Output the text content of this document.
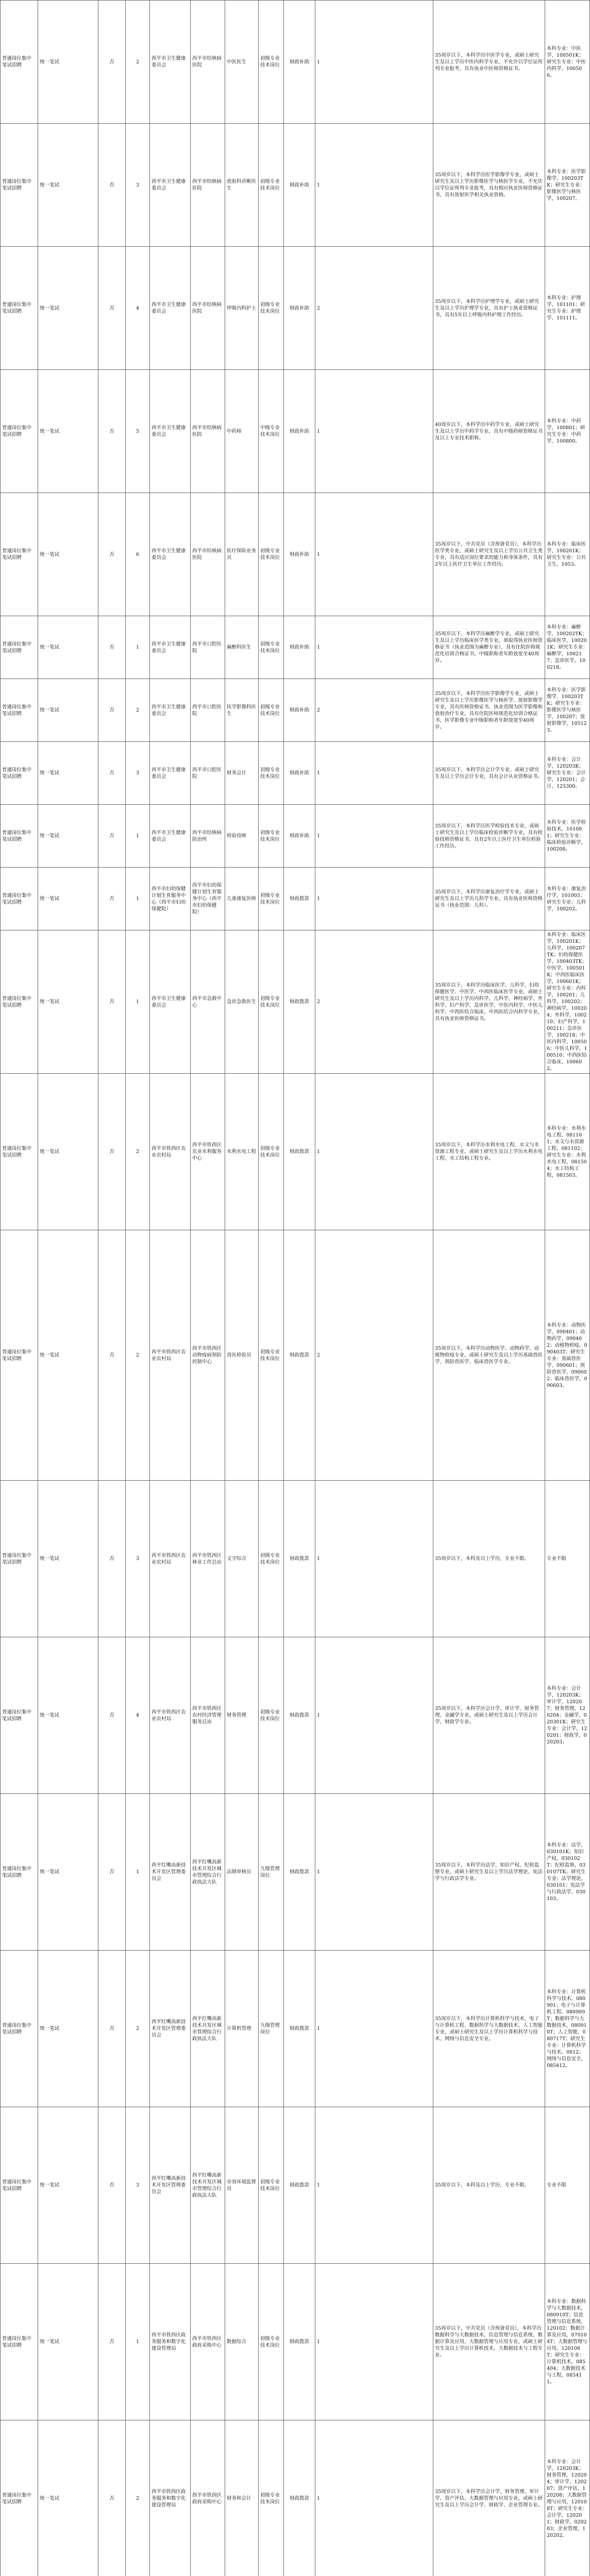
普通岗位集中笔试招聘	统一笔试	否	2	西平市卫生健康委员会	西平市结核病医院	中医医生	初级专业技术岗位	财政补助	1	35周岁以下，本科学历中医学专业，或硕士研究生及以上学历中医内科学专业，不允许以学位证所列专业报考，具有执业中医师资格证书。	本科专业：中医学，100501K；研究生专业：中医内科学，100506。	
普通岗位集中笔试招聘	统一笔试	否	3	西平市卫生健康委员会	西平市结核病医院	放射科诊断医生	初级专业技术岗位	财政补助	1	35周岁以下，本科学历医学影像学专业，或硕士研究生及以上学历影像医学与核医学专业，不允许以学位证所列专业报考，具有相应执业医师资格证书，具有放射医学相关执业资格。	本科专业：医学影像学，100203TK；研究生专业：影像医学与核医学，100207。	
普通岗位集中笔试招聘	统一笔试	否	4	西平市卫生健康委员会	西平市结核病医院	呼吸内科护士	初级专业技术岗位	财政补助	2	35周岁以下，本科学历护理学专业，或硕士研究生及以上学历护理学专业，具有护士执业资格证书，具有5年以上呼吸内科护理工作经历。	本科专业：护理学，101101；研究生专业：护理学，101111。	
普通岗位集中笔试招聘	统一笔试	否	5	西平市卫生健康委员会	西平市结核病医院	中药师	中级专业技术岗位	财政补助	1	40周岁以下，本科学历中药学专业，或硕士研究生及以上学历中药学专业，具有中级药师资格证书及以上专业技术职称。	本科专业：中药学，100801；研究生专业：中药学，100800。	
普通岗位集中笔试招聘	统一笔试	否	6	西平市卫生健康委员会	西平市结核病医院	医疗保险业务员	初级专业技术岗位	财政补助	1	35周岁以下，中共党员（含预备党员），本科学历医学类专业，或硕士研究生及以上学历公共卫生类专业，具有适应岗位要求的能力和身体条件，具有2年以上医疗卫生单位工作经历。	本科专业：临床医学，100201K；研究生专业：公共卫生，1053。	
普通岗位集中笔试招聘	统一笔试	否	1	西平市卫生健康委员会	西平市口腔医院	麻醉科医生	初级专业技术岗位	财政补助	1	35周岁以下，本科学历麻醉学专业，或硕士研究生及以上学历临床医学类专业，须取得执业医师资格证书（执业范围为麻醉专业），具有住院医师规范化培训合格证书，中级职称者年龄放宽至40周岁。	本科专业：麻醉学，100202TK；临床医学，100201K；研究生专业：麻醉学，100217；急诊医学，100218。	
普通岗位集中笔试招聘	统一笔试	否	2	西平市卫生健康委员会	西平市口腔医院	医学影像科医生	初级专业技术岗位	财政补助	2	35周岁以下，本科学历医学影像学专业，或硕士研究生及以上学历影像医学与核医学、放射影像学专业，具有医师资格证书，执业范围为医学影像和放射治疗专业，具有住院医师规范化培训合格证书，医学影像专业中级职称者年龄放宽至40周岁。	本科专业：医学影像学，100203TK；研究生专业：影像医学与核医学，100207；放射影像学，105123。	
普通岗位集中笔试招聘	统一笔试	否	3	西平市卫生健康委员会	西平市口腔医院	财务会计	初级专业技术岗位	财政补助	1	35周岁以下，本科学历会计学专业，或硕士研究生及以上学历会计专业，具有会计从业资格证书。	本科专业：会计学，120203K；研究生专业：会计学，120201；会计，125300。	
普通岗位集中笔试招聘	统一笔试	否	1	西平市卫生健康委员会	西平市结核病防治所	检验技师	初级专业技术岗位	财政补助	1	35周岁以下，本科学历医学检验技术专业，或硕士研究生及以上学历临床检验诊断学专业，具有检验技师资格证书，具有2年以上医疗卫生单位检验工作经历。	本科专业：医学检验技术，101001；研究生专业：临床检验诊断学，100208。	
普通岗位集中笔试招聘	统一笔试	否	1	西平市妇幼保健计划生育服务中心（西平市妇幼保健院）	西平市妇幼保健计划生育服务中心（西平市妇幼保健院）	儿童康复医师	初级专业技术岗位	财政拨款	1	35周岁以下，本科学历康复治疗学专业，或硕士研究生及以上学历儿科学专业，具有执业医师资格证书（执业范围：儿科）。	本科专业：康复治疗学，101005；研究生专业：儿科学，100202。	
普通岗位集中笔试招聘	统一笔试	否	1	西平市卫生健康委员会	西平市急救中心	急诊急救医生	初级专业技术岗位	财政拨款	2	35周岁以下，本科学历临床医学、儿科学、妇幼保健医学、中医学、中西医临床医学专业，或硕士研究生及以上学历内科学、儿科学、神经病学、外科学、妇产科学、急诊医学、中医内科学、中医儿科学、中西医结合临床、中西医结合内科学专业，具有执业医师资格证书。	本科专业：临床医学，100201K；儿科学，100207TK；妇幼保健医学，100403TK；中医学，100501K；中西医临床医学，100601K；研究生专业：内科学，100201；儿科学，100202；神经病学，100204；外科学，100210；妇产科学，100211；急诊医学，100218；中医内科学，100506；中医儿科学，100510；中西医结合临床，100602。	
普通岗位集中笔试招聘	统一笔试	否	2	西平市铁西区农业农村局	西平市铁西区农业水利服务中心	水利水电工程	初级专业技术岗位	财政拨款	1	35周岁以下，本科学历水利水电工程、水文与水资源工程专业，或硕士研究生及以上学历水利水电工程、水工结构工程专业。	本科专业：水利水电工程，081101；水文与水资源工程，081102；研究生专业：水利水电工程，081504；水工结构工程，081503。	
普通岗位集中笔试招聘	统一笔试	否	2	西平市铁西区农业农村局	西平市铁西区动物疫病预防控制中心	兽医检验员	初级专业技术岗位	财政拨款	2	35周岁以下，本科学历动物医学、动物药学、动植物检疫专业，或硕士研究生及以上学历基础兽医学、预防兽医学、临床兽医学专业。	本科专业：动物医学，090401；动物药学，090402；动植物检疫，090403T；研究生专业：基础兽医学，090601；预防兽医学，090602；临床兽医学，090603。	
普通岗位集中笔试招聘	统一笔试	否	3	西平市铁西区农业农村局	西平市铁西区林业工作总站	文字综合	初级专业技术岗位	财政拨款	1	35周岁以下，本科及以上学历，专业不限。	专业不限	
普通岗位集中笔试招聘	统一笔试	否	4	西平市铁西区农业农村局	西平市铁西区农村经济管理服务总站	财务管理	初级专业技术岗位	财政拨款	1	35周岁以下，本科学历会计学、审计学、财务管理、金融学专业，或硕士研究生及以上学历会计学、财政学专业。	本科专业：会计学，120203K；审计学，120207；财务管理，120204；金融学，020301K；研究生专业：会计学，120201；财政学，020203。	
普通岗位集中笔试招聘	统一笔试	否	1	西平红嘴高新技术开发区管理委员会	西平红嘴高新技术开发区城市管理综合行政执法大队	法制审核员	九级管理岗位	财政拨款	1	35周岁以下，本科学历法学、知识产权、纪检监察专业，或硕士研究生及以上学历法学理论、宪法学与行政法学专业。	本科专业：法学，030101K；知识产权，030102T；纪检监察，030107TK；研究生专业：法学理论，030101；宪法学与行政法学，030103。	
普通岗位集中笔试招聘	统一笔试	否	2	西平红嘴高新技术开发区管理委员会	西平红嘴高新技术开发区城市管理综合行政执法大队	计算机管理	九级管理岗位	财政拨款	1	35周岁以下，本科学历计算机科学与技术、电子与计算机工程、数据科学与大数据技术、人工智能专业，或硕士研究生及以上学历计算机科学与技术、网络与信息安全专业。	本科专业：计算机科学与技术，080901；电子与计算机工程，080909T；数据科学与大数据技术，080910T；人工智能，080717T；研究生专业：计算机科学与技术，0812；网络与信息安全，085412。	
普通岗位集中笔试招聘	统一笔试	否	3	西平红嘴高新技术开发区管理委员会	西平红嘴高新技术开发区城市管理综合行政执法大队	市容环境监督员	初级专业技术岗位	财政拨款	1	35周岁以下，本科及以上学历，专业不限。	专业不限	
普通岗位集中笔试招聘	统一笔试	否	1	西平市铁西区政务服务和数字化建设管理局	西平市铁西区政府采购中心	数据综合	初级专业技术岗位	财政拨款	1	35周岁以下，中共党员（含预备党员），本科学历数据科学与大数据技术、信息管理与信息系统、数据计算及应用、大数据管理与应用专业，或硕士研究生及以上学历计算机技术、大数据技术与工程专业。	本科专业：数据科学与大数据技术，080910T；信息管理与信息系统，120102；数据计算及应用，070104T；大数据管理与应用，120108T；研究生专业：计算机技术，085404；大数据技术与工程，085411。	
普通岗位集中笔试招聘	统一笔试	否	2	西平市铁西区政务服务和数字化建设管理局	西平市铁西区政府采购中心	财务和会计	初级专业技术岗位	财政拨款	1	35周岁以下，本科学历会计学、财务管理、审计学、资产评估、大数据管理与应用专业，或硕士研究生及以上学历会计学、财政学、企业管理专业。	本科专业：会计学，120203K；财务管理，120204；审计学，120207；资产评估，120208；大数据管理与应用，120108T；研究生专业：会计学，120201；财政学，020203；企业管理，120202。	
